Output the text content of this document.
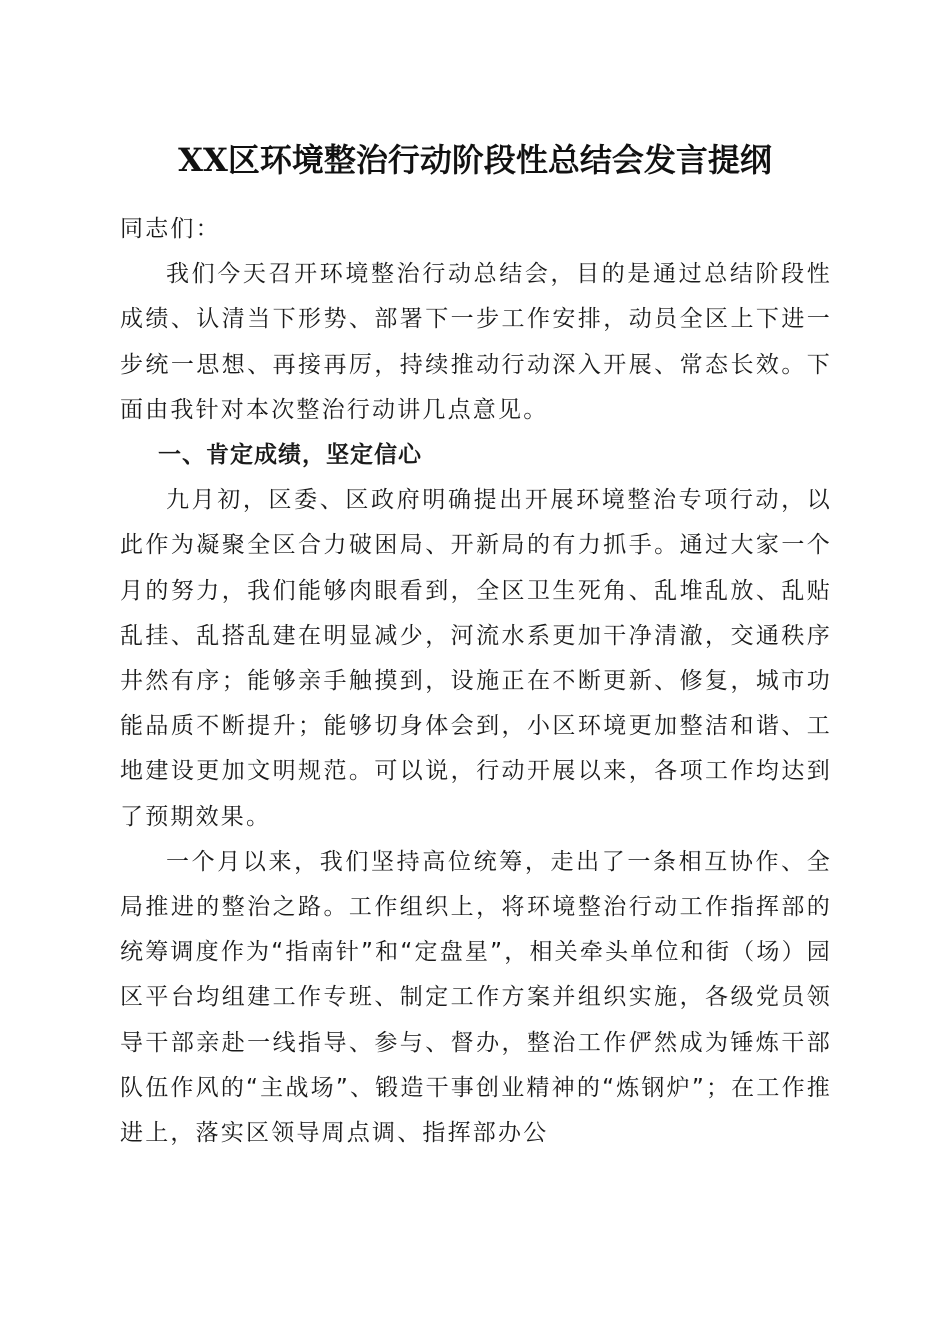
XX区环境整治行动阶段性总结会发言提纲

同志们：

我们今天召开环境整治行动总结会，目的是通过总结阶段性成绩、认清当下形势、部署下一步工作安排，动员全区上下进一步统一思想、再接再厉，持续推动行动深入开展、常态长效。下面由我针对本次整治行动讲几点意见。

一、肯定成绩，坚定信心

九月初，区委、区政府明确提出开展环境整治专项行动，以此作为凝聚全区合力破困局、开新局的有力抓手。通过大家一个月的努力，我们能够肉眼看到，全区卫生死角、乱堆乱放、乱贴乱挂、乱搭乱建在明显减少，河流水系更加干净清澈，交通秩序井然有序；能够亲手触摸到，设施正在不断更新、修复，城市功能品质不断提升；能够切身体会到，小区环境更加整洁和谐、工地建设更加文明规范。可以说，行动开展以来，各项工作均达到了预期效果。

一个月以来，我们坚持高位统筹，走出了一条相互协作、全局推进的整治之路。工作组织上，将环境整治行动工作指挥部的统筹调度作为“指南针”和“定盘星”，相关牵头单位和街（场）园区平台均组建工作专班、制定工作方案并组织实施，各级党员领导干部亲赴一线指导、参与、督办，整治工作俨然成为锤炼干部队伍作风的“主战场”、锻造干事创业精神的“炼钢炉”；在工作推进上，落实区领导周点调、指挥部办公
